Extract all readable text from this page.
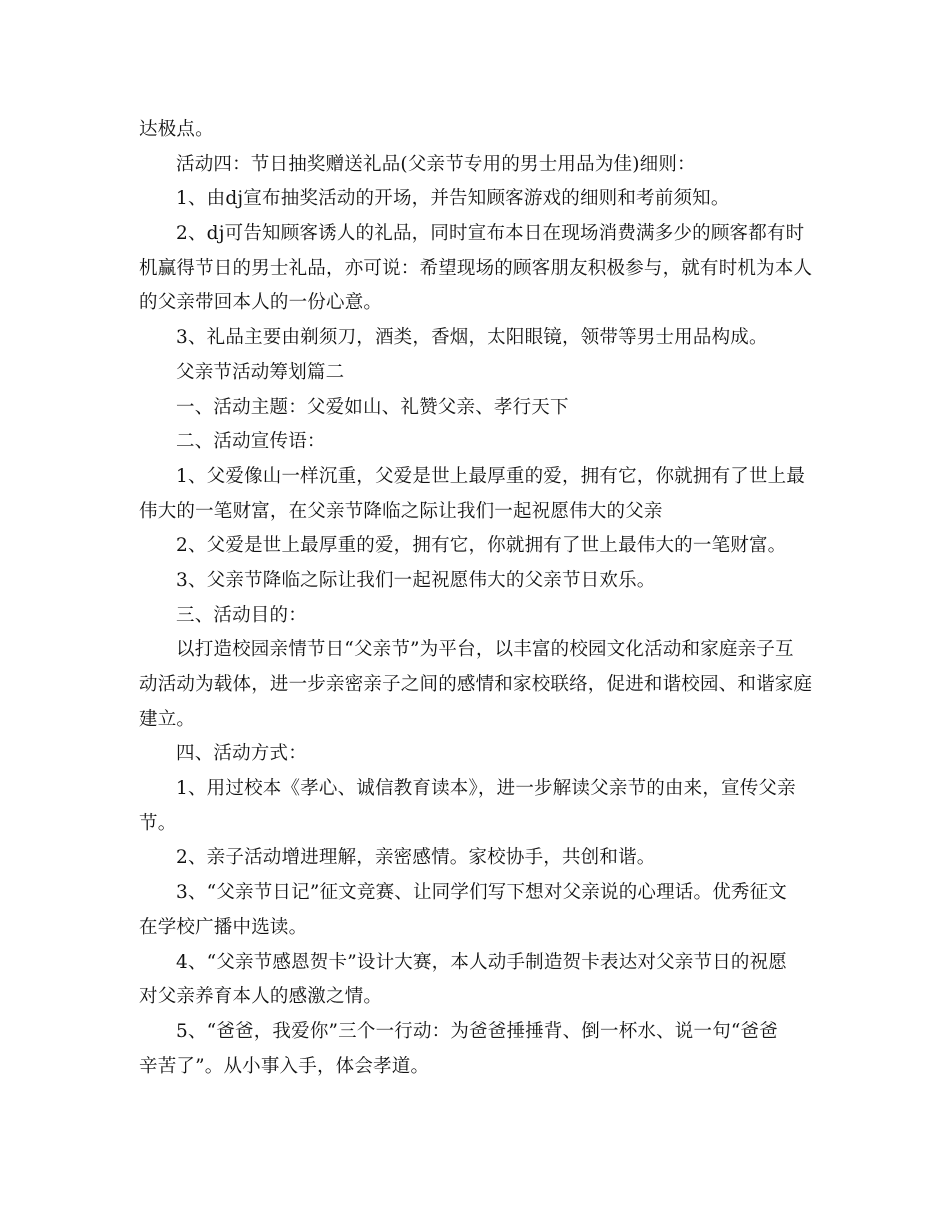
达极点。
活动四：节日抽奖赠送礼品(父亲节专用的男士用品为佳)细则：
1、由dj宣布抽奖活动的开场，并告知顾客游戏的细则和考前须知。
2、dj可告知顾客诱人的礼品，同时宣布本日在现场消费满多少的顾客都有时
机赢得节日的男士礼品，亦可说：希望现场的顾客朋友积极参与，就有时机为本人
的父亲带回本人的一份心意。
3、礼品主要由剃须刀，酒类，香烟，太阳眼镜，领带等男士用品构成。
父亲节活动筹划篇二
一、活动主题：父爱如山、礼赞父亲、孝行天下
二、活动宣传语：
1、父爱像山一样沉重，父爱是世上最厚重的爱，拥有它，你就拥有了世上最
伟大的一笔财富，在父亲节降临之际让我们一起祝愿伟大的父亲
2、父爱是世上最厚重的爱，拥有它，你就拥有了世上最伟大的一笔财富。
3、父亲节降临之际让我们一起祝愿伟大的父亲节日欢乐。
三、活动目的：
以打造校园亲情节日“父亲节”为平台，以丰富的校园文化活动和家庭亲子互
动活动为载体，进一步亲密亲子之间的感情和家校联络，促进和谐校园、和谐家庭
建立。
四、活动方式：
1、用过校本《孝心、诚信教育读本》，进一步解读父亲节的由来，宣传父亲
节。
2、亲子活动增进理解，亲密感情。家校协手，共创和谐。
3、“父亲节日记”征文竞赛、让同学们写下想对父亲说的心理话。优秀征文
在学校广播中选读。
4、“父亲节感恩贺卡”设计大赛，本人动手制造贺卡表达对父亲节日的祝愿
对父亲养育本人的感激之情。
5、“爸爸，我爱你”三个一行动：为爸爸捶捶背、倒一杯水、说一句“爸爸
辛苦了”。从小事入手，体会孝道。
